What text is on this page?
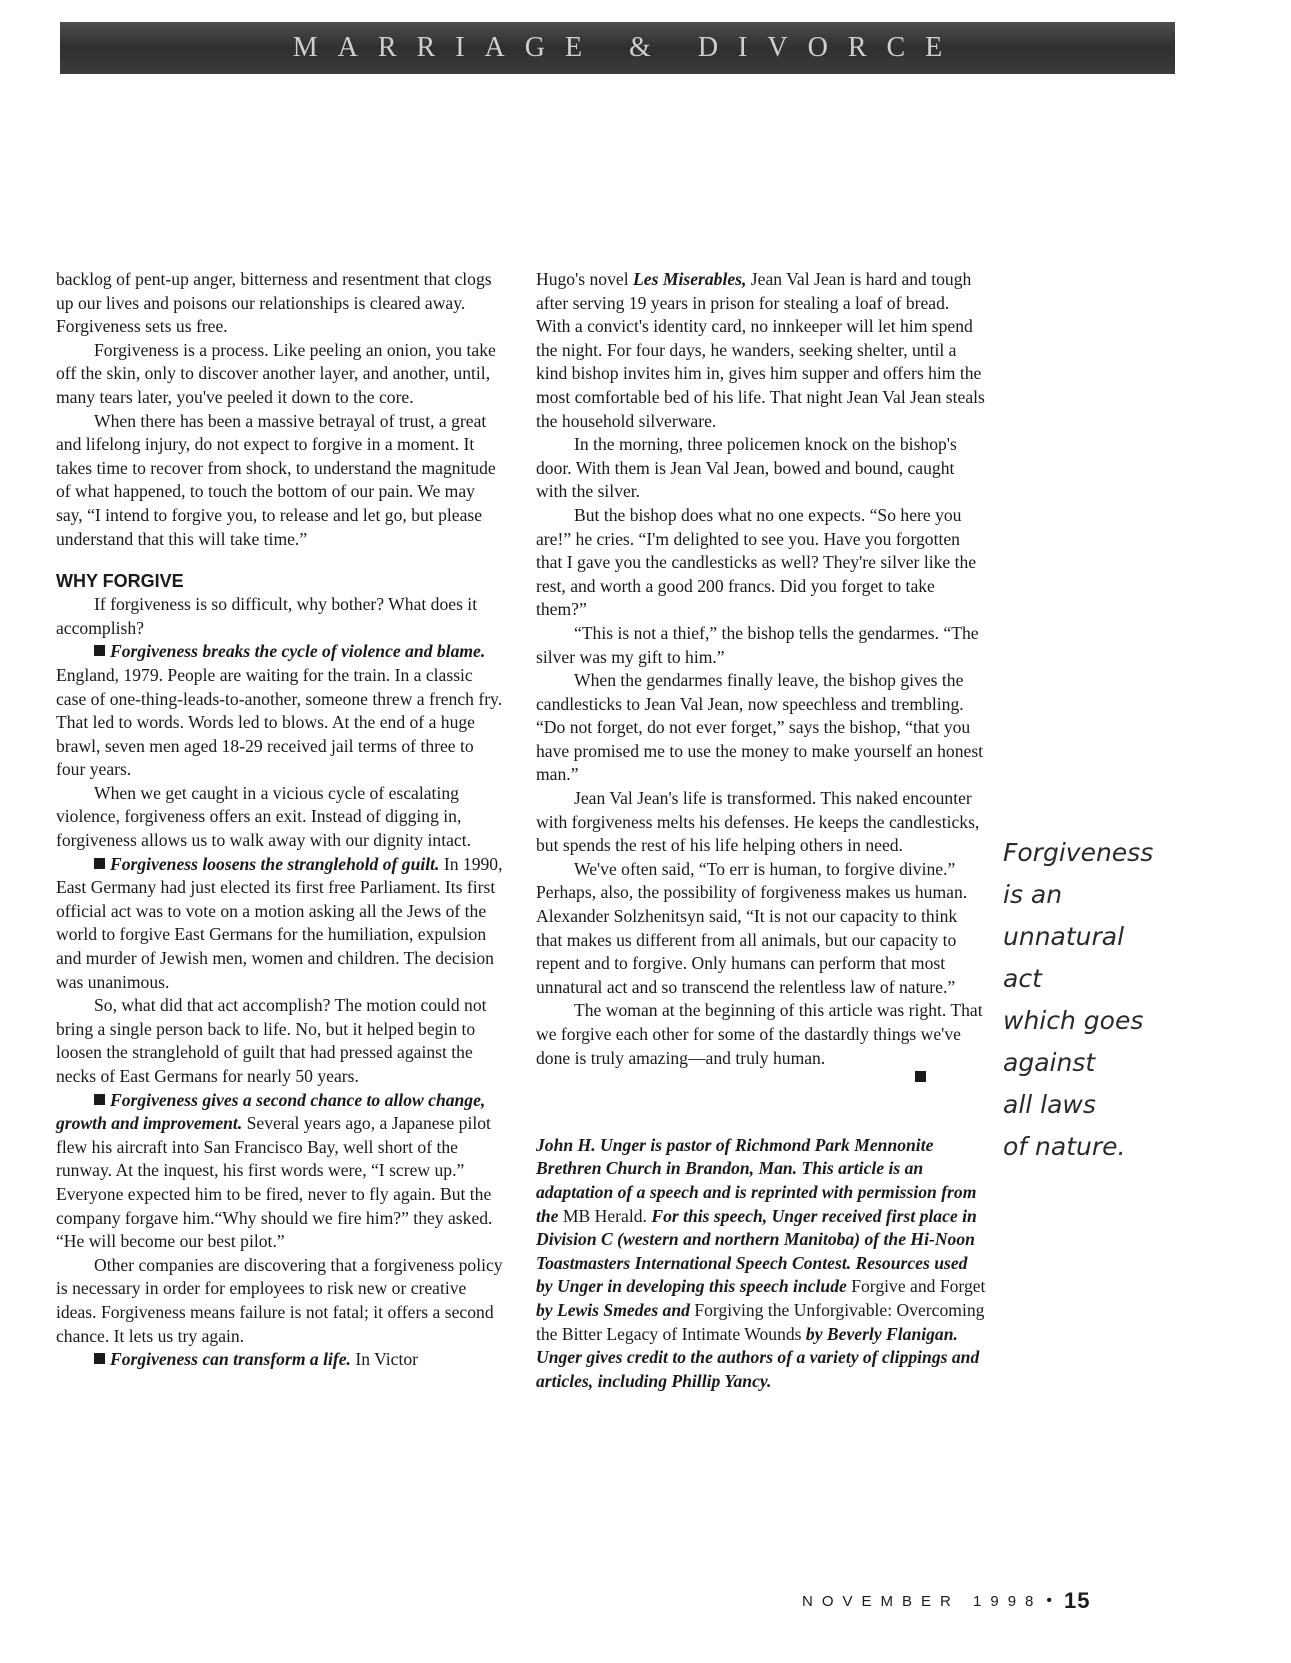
MARRIAGE & DIVORCE

backlog of pent-up anger, bitterness and resentment that clogs up our lives and poisons our relationships is cleared away. Forgiveness sets us free.

Forgiveness is a process. Like peeling an onion, you take off the skin, only to discover another layer, and another, until, many tears later, you've peeled it down to the core.

When there has been a massive betrayal of trust, a great and lifelong injury, do not expect to forgive in a moment. It takes time to recover from shock, to understand the magnitude of what happened, to touch the bottom of our pain. We may say, “I intend to forgive you, to release and let go, but please understand that this will take time.”

WHY FORGIVE

If forgiveness is so difficult, why bother? What does it accomplish?

Forgiveness breaks the cycle of violence and blame. England, 1979. People are waiting for the train. In a classic case of one-thing-leads-to-another, someone threw a french fry. That led to words. Words led to blows. At the end of a huge brawl, seven men aged 18-29 received jail terms of three to four years.

When we get caught in a vicious cycle of escalating violence, forgiveness offers an exit. Instead of digging in, forgiveness allows us to walk away with our dignity intact.

Forgiveness loosens the stranglehold of guilt. In 1990, East Germany had just elected its first free Parliament. Its first official act was to vote on a motion asking all the Jews of the world to forgive East Germans for the humiliation, expulsion and murder of Jewish men, women and children. The decision was unanimous.

So, what did that act accomplish? The motion could not bring a single person back to life. No, but it helped begin to loosen the stranglehold of guilt that had pressed against the necks of East Germans for nearly 50 years.

Forgiveness gives a second chance to allow change, growth and improvement. Several years ago, a Japanese pilot flew his aircraft into San Francisco Bay, well short of the runway. At the inquest, his first words were, “I screw up.” Everyone expected him to be fired, never to fly again. But the company forgave him.“Why should we fire him?” they asked. “He will become our best pilot.”

Other companies are discovering that a forgiveness policy is necessary in order for employees to risk new or creative ideas. Forgiveness means failure is not fatal; it offers a second chance. It lets us try again.

Forgiveness can transform a life. In Victor

Hugo's novel Les Miserables, Jean Val Jean is hard and tough after serving 19 years in prison for stealing a loaf of bread. With a convict's identity card, no innkeeper will let him spend the night. For four days, he wanders, seeking shelter, until a kind bishop invites him in, gives him supper and offers him the most comfortable bed of his life. That night Jean Val Jean steals the household silverware.

In the morning, three policemen knock on the bishop's door. With them is Jean Val Jean, bowed and bound, caught with the silver.

But the bishop does what no one expects. “So here you are!” he cries. “I'm delighted to see you. Have you forgotten that I gave you the candlesticks as well? They're silver like the rest, and worth a good 200 francs. Did you forget to take them?”

“This is not a thief,” the bishop tells the gendarmes. “The silver was my gift to him.”

When the gendarmes finally leave, the bishop gives the candlesticks to Jean Val Jean, now speechless and trembling. “Do not forget, do not ever forget,” says the bishop, “that you have promised me to use the money to make yourself an honest man.”

Jean Val Jean's life is transformed. This naked encounter with forgiveness melts his defenses. He keeps the candlesticks, but spends the rest of his life helping others in need.

We've often said, “To err is human, to forgive divine.” Perhaps, also, the possibility of forgiveness makes us human. Alexander Solzhenitsyn said, “It is not our capacity to think that makes us different from all animals, but our capacity to repent and to forgive. Only humans can perform that most unnatural act and so transcend the relentless law of nature.”

The woman at the beginning of this article was right. That we forgive each other for some of the dastardly things we've done is truly amazing—and truly human.

John H. Unger is pastor of Richmond Park Mennonite Brethren Church in Brandon, Man. This article is an adaptation of a speech and is reprinted with permission from the MB Herald. For this speech, Unger received first place in Division C (western and northern Manitoba) of the Hi-Noon Toastmasters International Speech Contest. Resources used by Unger in developing this speech include Forgive and Forget by Lewis Smedes and Forgiving the Unforgivable: Overcoming the Bitter Legacy of Intimate Wounds by Beverly Flanigan. Unger gives credit to the authors of a variety of clippings and articles, including Phillip Yancy.

Forgiveness
is an
unnatural
act
which goes
against
all laws
of nature.
NOVEMBER 1998 • 15
